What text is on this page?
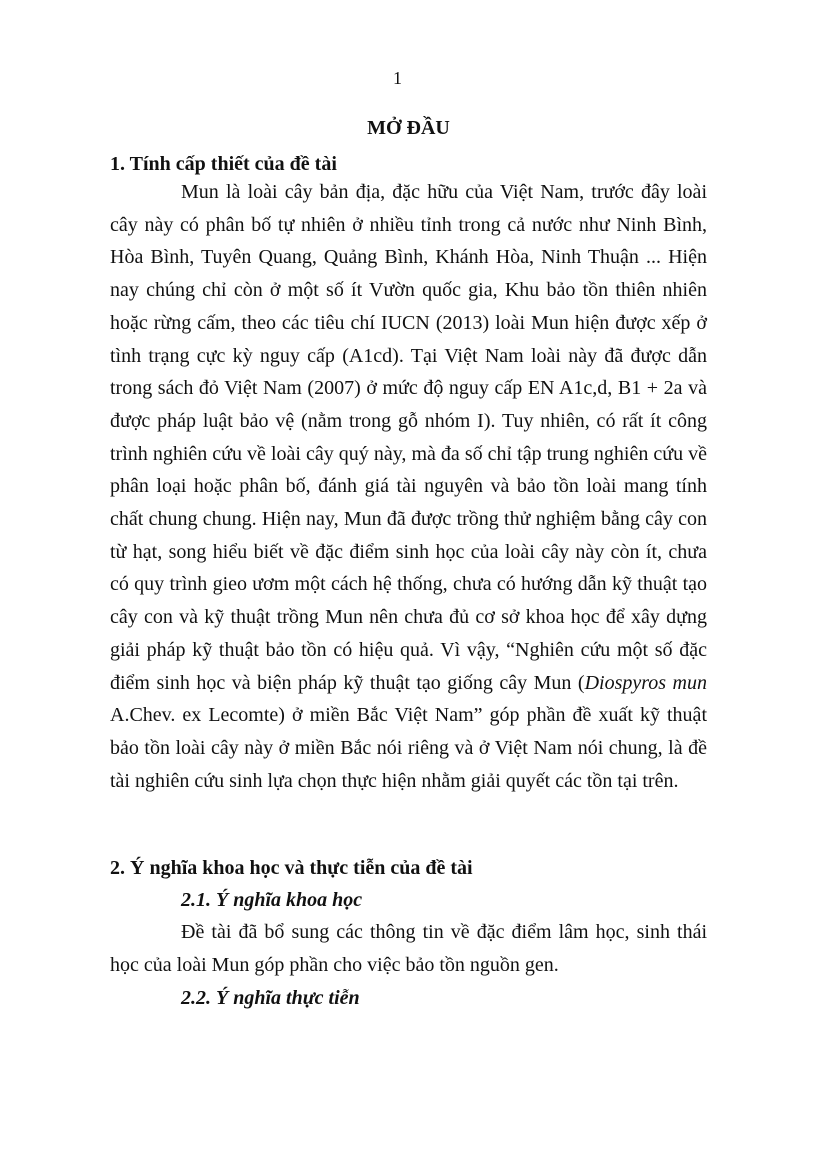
1
MỞ ĐẦU
1. Tính cấp thiết của đề tài

Mun là loài cây bản địa, đặc hữu của Việt Nam, trước đây loài cây này có phân bố tự nhiên ở nhiều tỉnh trong cả nước như Ninh Bình, Hòa Bình, Tuyên Quang, Quảng Bình, Khánh Hòa, Ninh Thuận ... Hiện nay chúng chỉ còn ở một số ít Vườn quốc gia, Khu bảo tồn thiên nhiên hoặc rừng cấm, theo các tiêu chí IUCN (2013) loài Mun hiện được xếp ở tình trạng cực kỳ nguy cấp (A1cd). Tại Việt Nam loài này đã được dẫn trong sách đỏ Việt Nam (2007) ở mức độ nguy cấp EN A1c,d, B1 + 2a và được pháp luật bảo vệ (nằm trong gỗ nhóm I). Tuy nhiên, có rất ít công trình nghiên cứu về loài cây quý này, mà đa số chỉ tập trung nghiên cứu về phân loại hoặc phân bố, đánh giá tài nguyên và bảo tồn loài mang tính chất chung chung. Hiện nay, Mun đã được trồng thử nghiệm bằng cây con từ hạt, song hiểu biết về đặc điểm sinh học của loài cây này còn ít, chưa có quy trình gieo ươm một cách hệ thống, chưa có hướng dẫn kỹ thuật tạo cây con và kỹ thuật trồng Mun nên chưa đủ cơ sở khoa học để xây dựng giải pháp kỹ thuật bảo tồn có hiệu quả. Vì vậy, “Nghiên cứu một số đặc điểm sinh học và biện pháp kỹ thuật tạo giống cây Mun (Diospyros mun A.Chev. ex Lecomte) ở miền Bắc Việt Nam” góp phần đề xuất kỹ thuật bảo tồn loài cây này ở miền Bắc nói riêng và ở Việt Nam nói chung, là đề tài nghiên cứu sinh lựa chọn thực hiện nhằm giải quyết các tồn tại trên.

2. Ý nghĩa khoa học và thực tiễn của đề tài
2.1. Ý nghĩa khoa học

Đề tài đã bổ sung các thông tin về đặc điểm lâm học, sinh thái học của loài Mun góp phần cho việc bảo tồn nguồn gen.

2.2. Ý nghĩa thực tiễn
